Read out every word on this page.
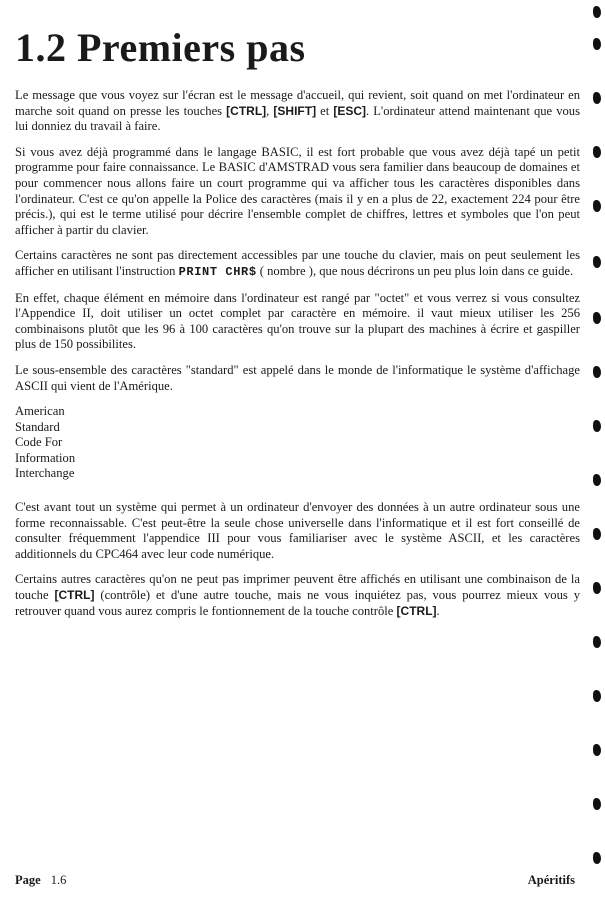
1.2 Premiers pas

Le message que vous voyez sur l'écran est le message d'accueil, qui revient, soit quand on met l'ordinateur en marche soit quand on presse les touches [CTRL], [SHIFT] et [ESC]. L'ordinateur attend maintenant que vous lui donniez du travail à faire.

Si vous avez déjà programmé dans le langage BASIC, il est fort probable que vous avez déjà tapé un petit programme pour faire connaissance. Le BASIC d'AMSTRAD vous sera familier dans beaucoup de domaines et pour commencer nous allons faire un court programme qui va afficher tous les caractères disponibles dans l'ordinateur. C'est ce qu'on appelle la Police des caractères (mais il y en a plus de 22, exactement 224 pour être précis.), qui est le terme utilisé pour décrire l'ensemble complet de chiffres, lettres et symboles que l'on peut afficher à partir du clavier.

Certains caractères ne sont pas directement accessibles par une touche du clavier, mais on peut seulement les afficher en utilisant l'instruction PRINT CHR$ ( nombre ), que nous décrirons un peu plus loin dans ce guide.

En effet, chaque élément en mémoire dans l'ordinateur est rangé par "octet" et vous verrez si vous consultez l'Appendice II, doit utiliser un octet complet par caractère en mémoire. il vaut mieux utiliser les 256 combinaisons plutôt que les 96 à 100 caractères qu'on trouve sur la plupart des machines à écrire et gaspiller plus de 150 possibilites.

Le sous-ensemble des caractères "standard" est appelé dans le monde de l'informatique le système d'affichage ASCII qui vient de l'Amérique.

American
Standard
Code For
Information
Interchange

C'est avant tout un système qui permet à un ordinateur d'envoyer des données à un autre ordinateur sous une forme reconnaissable. C'est peut-être la seule chose universelle dans l'informatique et il est fort conseillé de consulter fréquemment l'appendice III pour vous familiariser avec le système ASCII, et les caractères additionnels du CPC464 avec leur code numérique.

Certains autres caractères qu'on ne peut pas imprimer peuvent être affichés en utilisant une combinaison de la touche [CTRL] (contrôle) et d'une autre touche, mais ne vous inquiétez pas, vous pourrez mieux vous y retrouver quand vous aurez compris le fontionnement de la touche contrôle [CTRL].

Page 1.6	Apéritifs
